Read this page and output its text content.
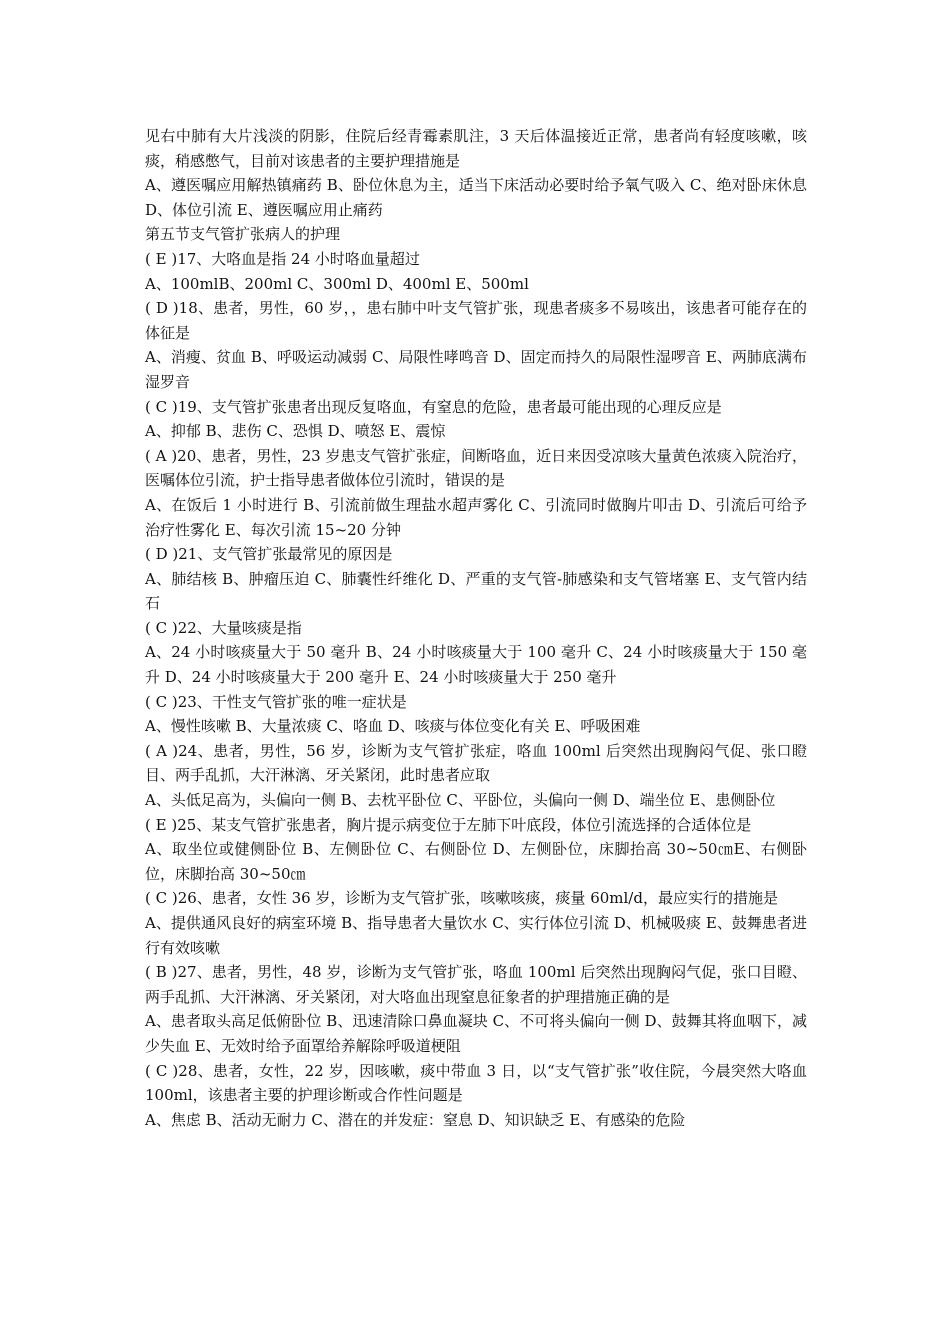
见右中肺有大片浅淡的阴影，住院后经青霉素肌注，3 天后体温接近正常，患者尚有轻度咳嗽，咳痰，稍感憋气，目前对该患者的主要护理措施是

A、遵医嘱应用解热镇痛药 B、卧位休息为主，适当下床活动必要时给予氧气吸入 C、绝对卧床休息 D、体位引流 E、遵医嘱应用止痛药

第五节支气管扩张病人的护理

( E )17、大咯血是指 24 小时咯血量超过

A、100mlB、200ml C、300ml D、400ml E、500ml

( D )18、患者，男性，60 岁，，患右肺中叶支气管扩张，现患者痰多不易咳出，该患者可能存在的体征是

A、消瘦、贫血 B、呼吸运动减弱 C、局限性哮鸣音 D、固定而持久的局限性湿啰音 E、两肺底满布湿罗音

( C )19、支气管扩张患者出现反复咯血，有窒息的危险，患者最可能出现的心理反应是

A、抑郁 B、悲伤 C、恐惧 D、喷怒 E、震惊

( A )20、患者，男性，23 岁患支气管扩张症，间断咯血，近日来因受凉咳大量黄色浓痰入院治疗，医嘱体位引流，护士指导患者做体位引流时，错误的是

A、在饭后 1 小时进行 B、引流前做生理盐水超声雾化 C、引流同时做胸片叩击 D、引流后可给予治疗性雾化 E、每次引流 15~20 分钟

( D )21、支气管扩张最常见的原因是

A、肺结核 B、肿瘤压迫 C、肺囊性纤维化 D、严重的支气管-肺感染和支气管堵塞 E、支气管内结石

( C )22、大量咳痰是指

A、24 小时咳痰量大于 50 毫升 B、24 小时咳痰量大于 100 毫升 C、24 小时咳痰量大于 150 毫升 D、24 小时咳痰量大于 200 毫升 E、24 小时咳痰量大于 250 毫升

( C )23、干性支气管扩张的唯一症状是

A、慢性咳嗽 B、大量浓痰 C、咯血 D、咳痰与体位变化有关 E、呼吸困难

( A )24、患者，男性，56 岁，诊断为支气管扩张症，咯血 100ml 后突然出现胸闷气促、张口瞪目、两手乱抓，大汗淋漓、牙关紧闭，此时患者应取

A、头低足高为，头偏向一侧 B、去枕平卧位 C、平卧位，头偏向一侧 D、端坐位 E、患侧卧位

( E )25、某支气管扩张患者，胸片提示病变位于左肺下叶底段，体位引流选择的合适体位是

A、取坐位或健侧卧位 B、左侧卧位 C、右侧卧位 D、左侧卧位，床脚抬高 30~50㎝E、右侧卧位，床脚抬高 30~50㎝

( C )26、患者，女性 36 岁，诊断为支气管扩张，咳嗽咳痰，痰量 60ml/d，最应实行的措施是

A、提供通风良好的病室环境 B、指导患者大量饮水 C、实行体位引流 D、机械吸痰 E、鼓舞患者进行有效咳嗽

( B )27、患者，男性，48 岁，诊断为支气管扩张，咯血 100ml 后突然出现胸闷气促，张口目瞪、两手乱抓、大汗淋漓、牙关紧闭，对大咯血出现窒息征象者的护理措施正确的是

A、患者取头高足低俯卧位 B、迅速清除口鼻血凝块 C、不可将头偏向一侧 D、鼓舞其将血咽下，减少失血 E、无效时给予面罩给养解除呼吸道梗阻

( C )28、患者，女性，22 岁，因咳嗽，痰中带血 3 日，以“支气管扩张”收住院，今晨突然大咯血 100ml，该患者主要的护理诊断或合作性问题是

A、焦虑 B、活动无耐力 C、潜在的并发症：窒息 D、知识缺乏 E、有感染的危险
